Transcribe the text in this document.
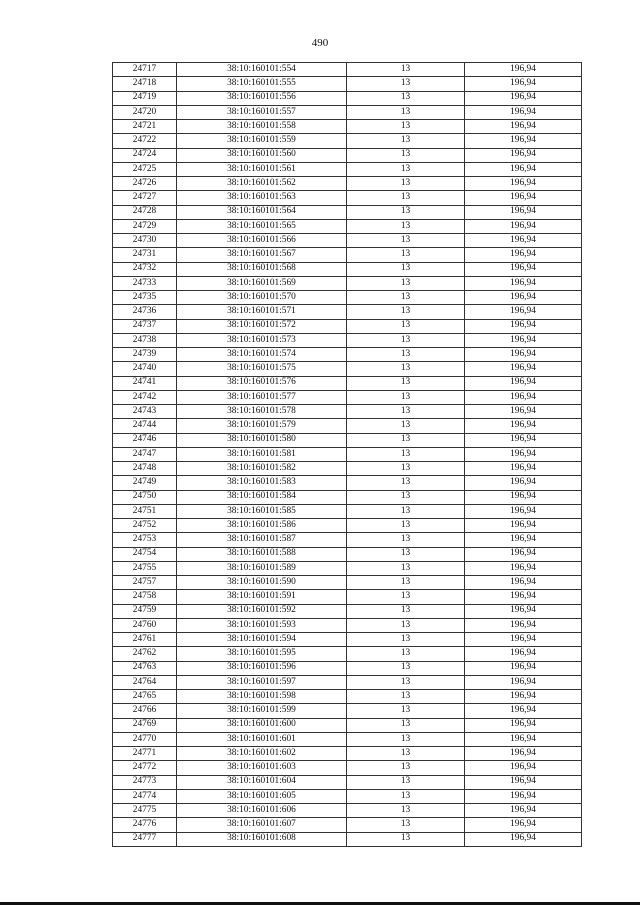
490
24717	38:10:160101:554	13	196,94
24718	38:10:160101:555	13	196,94
24719	38:10:160101:556	13	196,94
24720	38:10:160101:557	13	196,94
24721	38:10:160101:558	13	196,94
24722	38:10:160101:559	13	196,94
24724	38:10:160101:560	13	196,94
24725	38:10:160101:561	13	196,94
24726	38:10:160101:562	13	196,94
24727	38:10:160101:563	13	196,94
24728	38:10:160101:564	13	196,94
24729	38:10:160101:565	13	196,94
24730	38:10:160101:566	13	196,94
24731	38:10:160101:567	13	196,94
24732	38:10:160101:568	13	196,94
24733	38:10:160101:569	13	196,94
24735	38:10:160101:570	13	196,94
24736	38:10:160101:571	13	196,94
24737	38:10:160101:572	13	196,94
24738	38:10:160101:573	13	196,94
24739	38:10:160101:574	13	196,94
24740	38:10:160101:575	13	196,94
24741	38:10:160101:576	13	196,94
24742	38:10:160101:577	13	196,94
24743	38:10:160101:578	13	196,94
24744	38:10:160101:579	13	196,94
24746	38:10:160101:580	13	196,94
24747	38:10:160101:581	13	196,94
24748	38:10:160101:582	13	196,94
24749	38:10:160101:583	13	196,94
24750	38:10:160101:584	13	196,94
24751	38:10:160101:585	13	196,94
24752	38:10:160101:586	13	196,94
24753	38:10:160101:587	13	196,94
24754	38:10:160101:588	13	196,94
24755	38:10:160101:589	13	196,94
24757	38:10:160101:590	13	196,94
24758	38:10:160101:591	13	196,94
24759	38:10:160101:592	13	196,94
24760	38:10:160101:593	13	196,94
24761	38:10:160101:594	13	196,94
24762	38:10:160101:595	13	196,94
24763	38:10:160101:596	13	196,94
24764	38:10:160101:597	13	196,94
24765	38:10:160101:598	13	196,94
24766	38:10:160101:599	13	196,94
24769	38:10:160101:600	13	196,94
24770	38:10:160101:601	13	196,94
24771	38:10:160101:602	13	196,94
24772	38:10:160101:603	13	196,94
24773	38:10:160101:604	13	196,94
24774	38:10:160101:605	13	196,94
24775	38:10:160101:606	13	196,94
24776	38:10:160101:607	13	196,94
24777	38:10:160101:608	13	196,94
